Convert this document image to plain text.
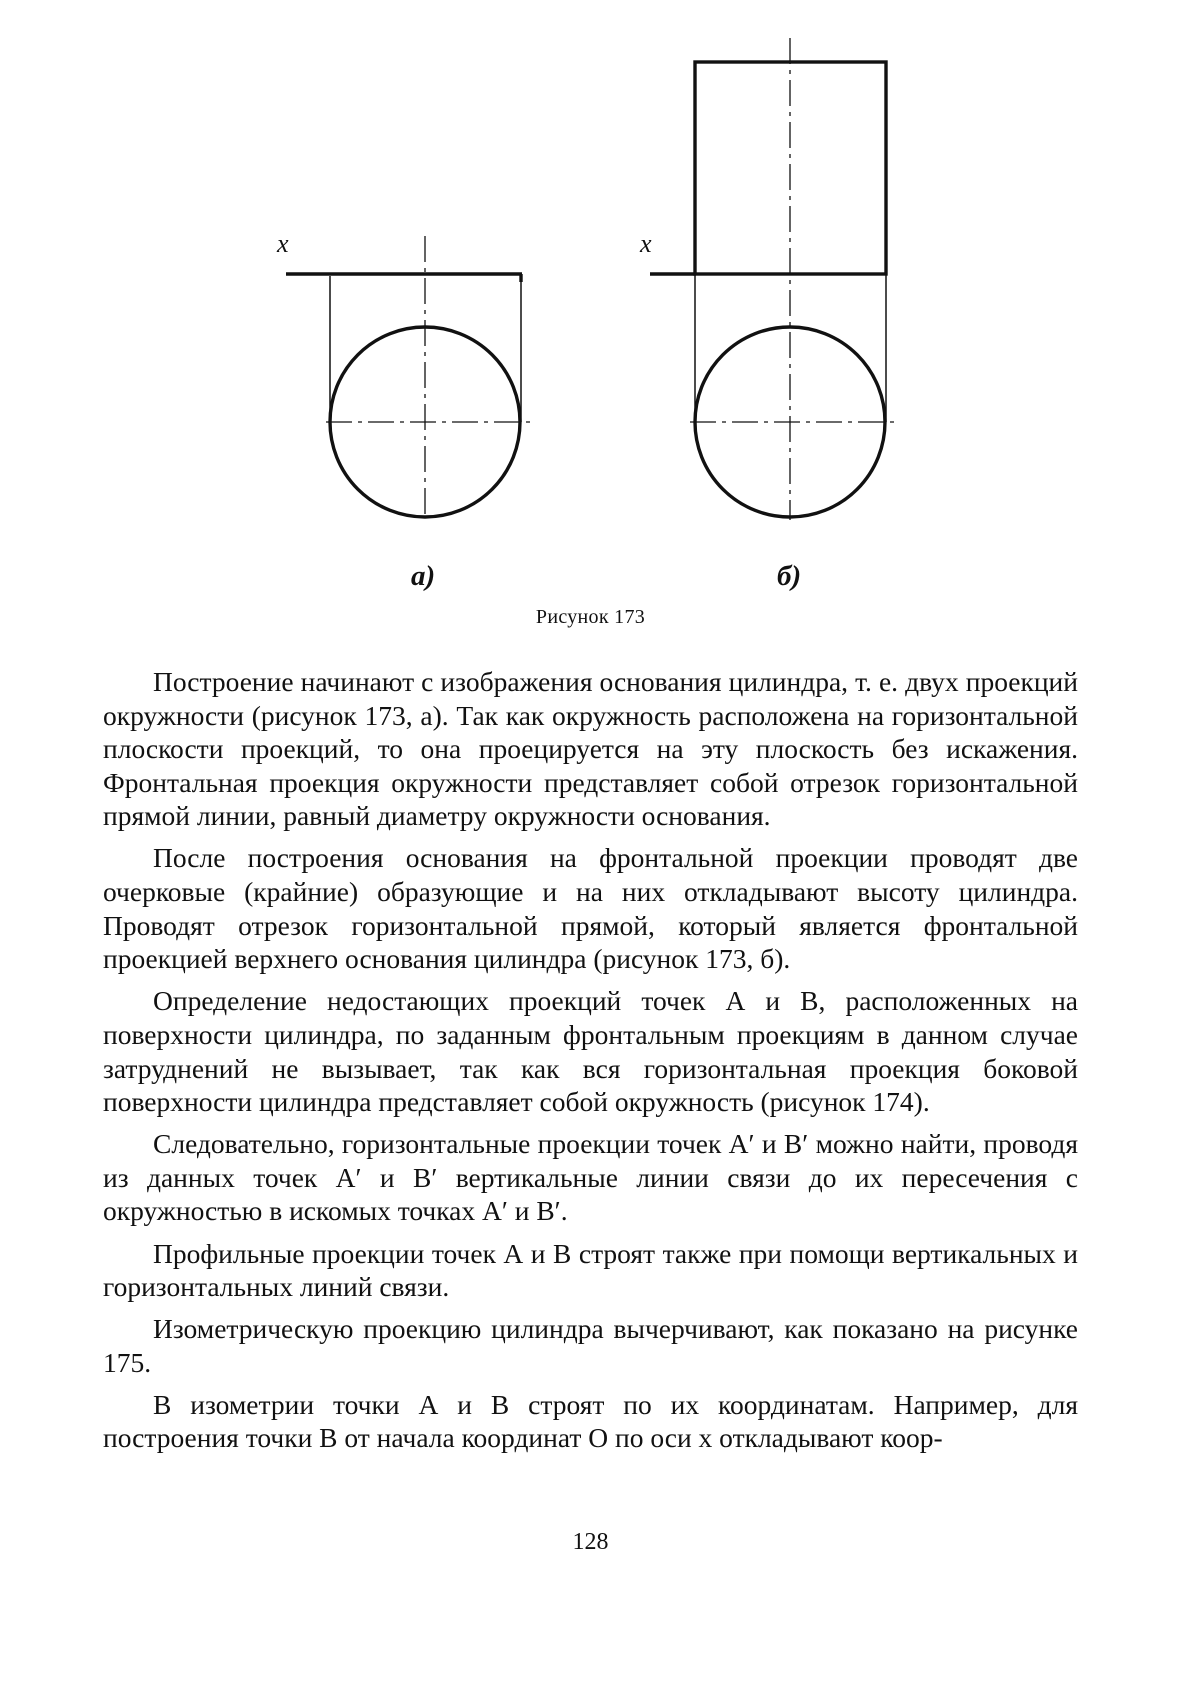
x
a)
x
б)
Рисунок 173

Построение начинают с изображения основания цилиндра, т. е. двух проекций окружности (рисунок 173, а). Так как окружность расположена на горизонтальной плоскости проекций, то она проецируется на эту плоскость без искажения. Фронтальная проекция окружности представляет собой отрезок горизонтальной прямой линии, равный диаметру окружности основания.

После построения основания на фронтальной проекции проводят две очерковые (крайние) образующие и на них откладывают высоту цилиндра. Проводят отрезок горизонтальной прямой, который является фронтальной проекцией верхнего основания цилиндра (рисунок 173, б).

Определение недостающих проекций точек А и В, расположенных на поверхности цилиндра, по заданным фронтальным проекциям в данном случае затруднений не вызывает, так как вся горизонтальная проекция боковой поверхности цилиндра представляет собой окружность (рисунок 174).

Следовательно, горизонтальные проекции точек А′ и В′ можно найти, проводя из данных точек А′ и В′ вертикальные линии связи до их пересечения с окружностью в искомых точках А′ и В′.

Профильные проекции точек А и В строят также при помощи вертикальных и горизонтальных линий связи.

Изометрическую проекцию цилиндра вычерчивают, как показано на рисунке 175.

В изометрии точки А и В строят по их координатам. Например, для построения точки В от начала координат О по оси х откладывают коор-

128
